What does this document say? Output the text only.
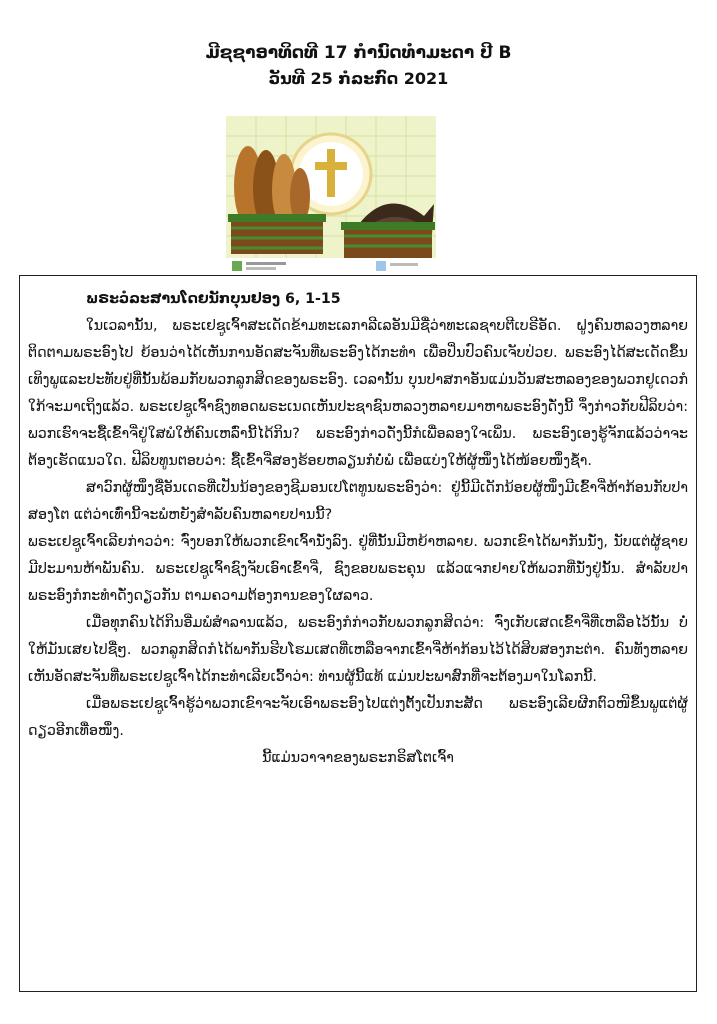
ມີຊຊາອາທິດທີ 17 ກໍານົດທໍາມະດາ ປີ B
ວັນທີ 25 ກໍລະກົດ 2021
ພຣະວໍລະສານໂດຍນັກບຸນຢອງ 6, 1-15

ໃນເວລານັ້ນ, ພຣະເຢຊູເຈົ້າສະເດັດຂ້າມທະເລກາລີເລອັນມີຊື່ວ່າທະເລຊາບຕີເບຣີອັດ. ຝູງຄົນຫລວງຫລາຍຕິດຕາມພຣະອົງໄປ ຍ້ອນວ່າໄດ້ເຫັນການອັດສະຈັນທີ່ພຣະອົງໄດ້ກະທໍາ ເພື່ອປິ່ນປົວຄົນເຈັບປ່ວຍ. ພຣະອົງໄດ້ສະເດັດຂຶ້ນເທິງພູແລະປະທັບຢູ່ທີ່ນັ້ນພ້ອມກັບພວກລູກສິດຂອງພຣະອົງ. ເວລານັ້ນ ບຸນປາສກາອັນແມ່ນວັນສະຫລອງຂອງພວກຢູເດວກໍໃກ້ຈະມາເຖິງແລ້ວ. ພຣະເຢຊູເຈົ້າຊົງທອດພຣະເນດເຫັນປະຊາຊົນຫລວງຫລາຍມາຫາພຣະອົງດັ່ງນີ້ ຈຶ່ງກ່າວກັບຟີລິບວ່າ: ພວກເຮົາຈະຊື້ເຂົ້າຈີ່ຢູ່ໃສພໍໃຫ້ຄົນເຫລົ່ານີ້ໄດ້ກິນ? ພຣະອົງກ່າວດັ່ງນີ້ກໍເພື່ອລອງໃຈເພິ່ນ. ພຣະອົງເອງຮູ້ຈັກແລ້ວວ່າຈະຕ້ອງເຮັດແນວໃດ. ຟີລິບທູນຕອບວ່າ: ຊື້ເຂົ້າຈີ່ສອງຮ້ອຍຫລຽນກໍບໍ່ພໍ ເພື່ອແບ່ງໃຫ້ຜູ້ໜຶ່ງໄດ້ໜ້ອຍໜຶ່ງຊໍ້າ.

ສາວົກຜູ້ໜຶ່ງຊື່ອັນເດຣທີ່ເປັນນ້ອງຂອງຊີມອນເປໂຕທູນພຣະອົງວ່າ: ຢູ່ນີ້ມີເດັກນ້ອຍຜູ້ໜຶ່ງມີເຂົ້າຈີ່ຫ້າກ້ອນກັບປາສອງໂຕ ແຕ່ວ່າເທົ່ານີ້ຈະພໍຫຍັງສໍາລັບຄົນຫລາຍປານນີ້?

ພຣະເຢຊູເຈົ້າເລີຍກ່າວວ່າ: ຈົ່ງບອກໃຫ້ພວກເຂົາເຈົ້ານັ່ງລົງ. ຢູ່ທີ່ນັ້ນມີຫຍ້າຫລາຍ. ພວກເຂົາໄດ້ພາກັນນັ່ງ, ນັບແຕ່ຜູ້ຊາຍມີປະມານຫ້າພັນຄົນ. ພຣະເຢຊູເຈົ້າຊົງຈັບເອົາເຂົ້າຈີ່, ຊົງຂອບພຣະຄຸນ ແລ້ວແຈກຢາຍໃຫ້ພວກທີ່ນັ່ງຢູ່ນັ້ນ. ສໍາລັບປາພຣະອົງກໍກະທໍາດັ່ງດຽວກັນ ຕາມຄວາມຕ້ອງການຂອງໃຜລາວ.

ເມື່ອທຸກຄົນໄດ້ກິນອີ່ມພໍສໍາລານແລ້ວ, ພຣະອົງກໍກ່າວກັບພວກລູກສິດວ່າ: ຈົ່ງເກັບເສດເຂົ້າຈີ່ທີ່ເຫລືອໄວ້ນັ້ນ ບໍ່ໃຫ້ມັນເສຍໄປຊື່ໆ. ພວກລູກສິດກໍໄດ້ພາກັນຮີບໂຮມເສດທີ່ເຫລືອຈາກເຂົ້າຈີ່ຫ້າກ້ອນໄວ້ໄດ້ສິບສອງກະຕ່າ. ຄົນທັງຫລາຍເຫັນອັດສະຈັນທີ່ພຣະເຢຊູເຈົ້າໄດ້ກະທໍາເລີຍເວົ້າວ່າ: ທ່ານຜູ້ນີ້ແທ້ ແມ່ນປະພາສົກທີ່ຈະຕ້ອງມາໃນໂລກນີ້.

ເມື່ອພຣະເຢຊູເຈົ້າຮູ້ວ່າພວກເຂົາຈະຈັບເອົາພຣະອົງໄປແຕ່ງຕັ້ງເປັນກະສັດ ພຣະອົງເລີຍຜີກຕົວໜີຂຶ້ນພູແຕ່ຜູ້ດຽວອີກເທື່ອໜຶ່ງ.

ນີ້ແມ່ນວາຈາຂອງພຣະກຣິສໂຕເຈົ້າ
